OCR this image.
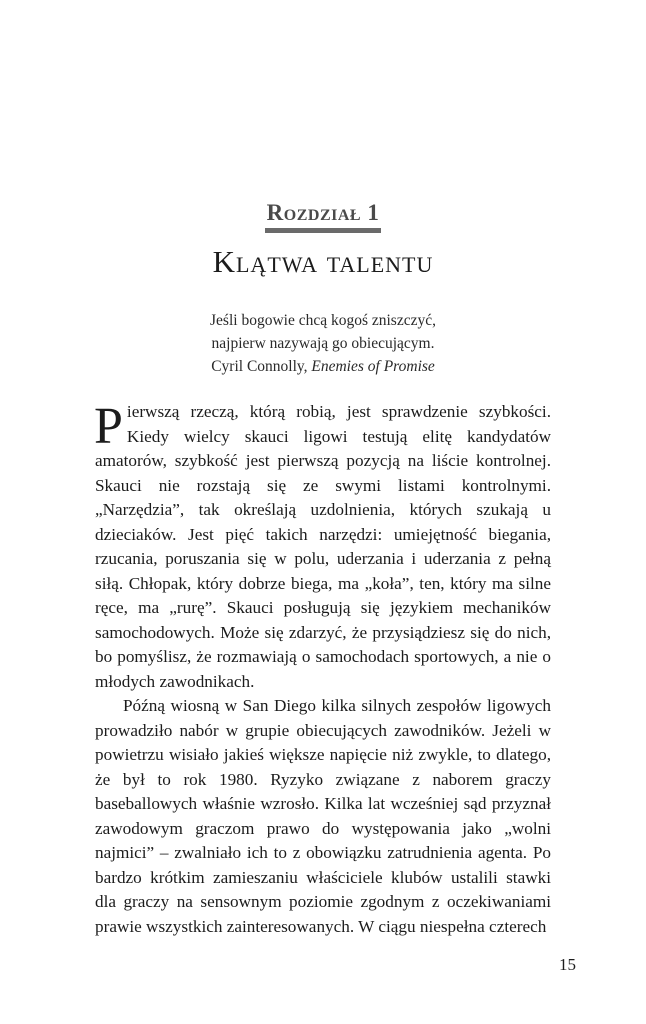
Rozdział 1
Klątwa talentu

Jeśli bogowie chcą kogoś zniszczyć,

najpierw nazywają go obiecującym.

Cyril Connolly, Enemies of Promise

Pierwszą rzeczą, którą robią, jest sprawdzenie szybkości. Kiedy wielcy skauci ligowi testują elitę kandydatów amatorów, szybkość jest pierwszą pozycją na liście kontrolnej. Skauci nie rozstają się ze swymi listami kontrolnymi. „Narzędzia”, tak określają uzdolnienia, których szukają u dzieciaków. Jest pięć takich narzędzi: umiejętność biegania, rzucania, poruszania się w polu, uderzania i uderzania z pełną siłą. Chłopak, który dobrze biega, ma „koła”, ten, który ma silne ręce, ma „rurę”. Skauci posługują się językiem mechaników samochodowych. Może się zdarzyć, że przysiądziesz się do nich, bo pomyślisz, że rozmawiają o samochodach sportowych, a nie o młodych zawodnikach.

Późną wiosną w San Diego kilka silnych zespołów ligowych prowadziło nabór w grupie obiecujących zawodników. Jeżeli w powietrzu wisiało jakieś większe napięcie niż zwykle, to dlatego, że był to rok 1980. Ryzyko związane z naborem graczy baseballowych właśnie wzrosło. Kilka lat wcześniej sąd przyznał zawodowym graczom prawo do występowania jako „wolni najmici” – zwalniało ich to z obowiązku zatrudnienia agenta. Po bardzo krótkim zamieszaniu właściciele klubów ustalili stawki dla graczy na sensownym poziomie zgodnym z oczekiwaniami prawie wszystkich zainteresowanych. W ciągu niespełna czterech

15
